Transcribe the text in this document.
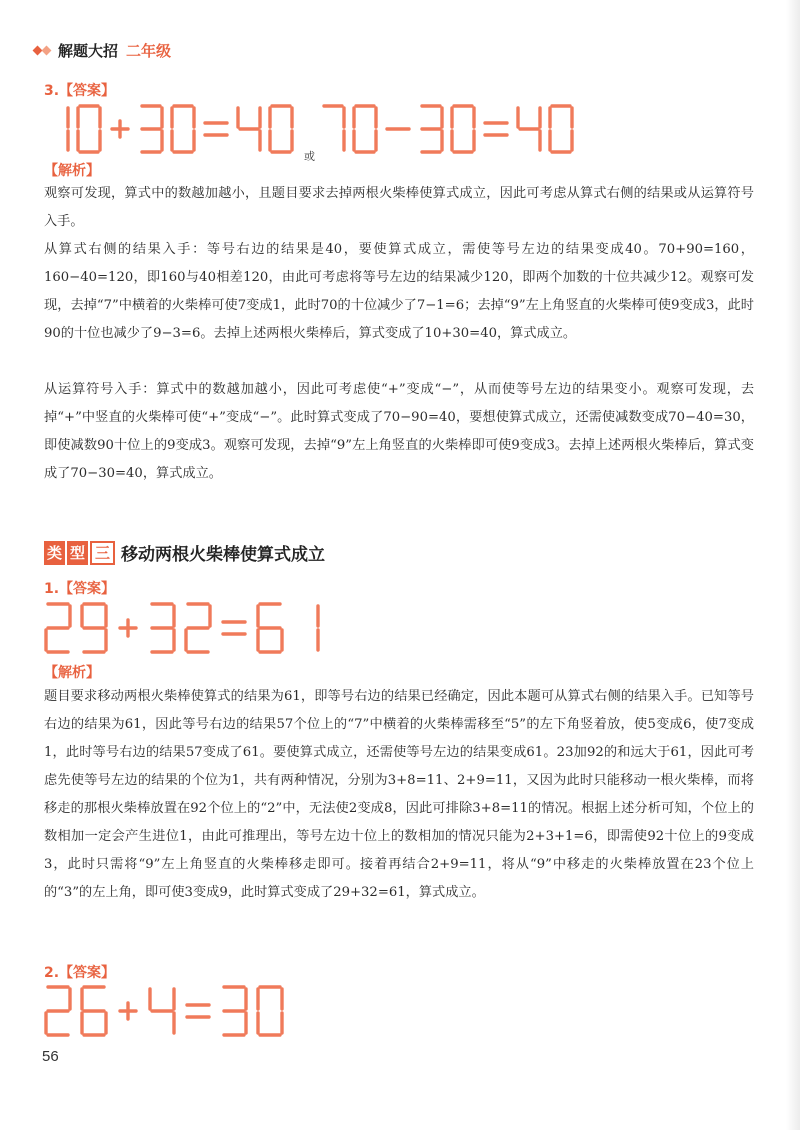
解题大招 二年级
3.【答案】
或
【解析】

观察可发现，算式中的数越加越小，且题目要求去掉两根火柴棒使算式成立，因此可考虑从算式右侧的结果或从运算符号入手。

从算式右侧的结果入手：等号右边的结果是40，要使算式成立，需使等号左边的结果变成40。70+90=160，160−40=120，即160与40相差120，由此可考虑将等号左边的结果减少120，即两个加数的十位共减少12。观察可发现，去掉“7”中横着的火柴棒可使7变成1，此时70的十位减少了7−1=6；去掉“9”左上角竖直的火柴棒可使9变成3，此时90的十位也减少了9−3=6。去掉上述两根火柴棒后，算式变成了10+30=40，算式成立。

从运算符号入手：算式中的数越加越小，因此可考虑使“+”变成“−”，从而使等号左边的结果变小。观察可发现，去掉“+”中竖直的火柴棒可使“+”变成“−”。此时算式变成了70−90=40，要想使算式成立，还需使减数变成70−40=30，即使减数90十位上的9变成3。观察可发现，去掉“9”左上角竖直的火柴棒即可使9变成3。去掉上述两根火柴棒后，算式变成了70−30=40，算式成立。

类 型 三 移动两根火柴棒使算式成立
1.【答案】
【解析】

题目要求移动两根火柴棒使算式的结果为61，即等号右边的结果已经确定，因此本题可从算式右侧的结果入手。已知等号右边的结果为61，因此等号右边的结果57个位上的“7”中横着的火柴棒需移至“5”的左下角竖着放，使5变成6，使7变成1，此时等号右边的结果57变成了61。要使算式成立，还需使等号左边的结果变成61。23加92的和远大于61，因此可考虑先使等号左边的结果的个位为1，共有两种情况，分别为3+8=11、2+9=11，又因为此时只能移动一根火柴棒，而将移走的那根火柴棒放置在92个位上的“2”中，无法使2变成8，因此可排除3+8=11的情况。根据上述分析可知，个位上的数相加一定会产生进位1，由此可推理出，等号左边十位上的数相加的情况只能为2+3+1=6，即需使92十位上的9变成3，此时只需将“9”左上角竖直的火柴棒移走即可。接着再结合2+9=11，将从“9”中移走的火柴棒放置在23个位上的“3”的左上角，即可使3变成9，此时算式变成了29+32=61，算式成立。

2.【答案】
56
